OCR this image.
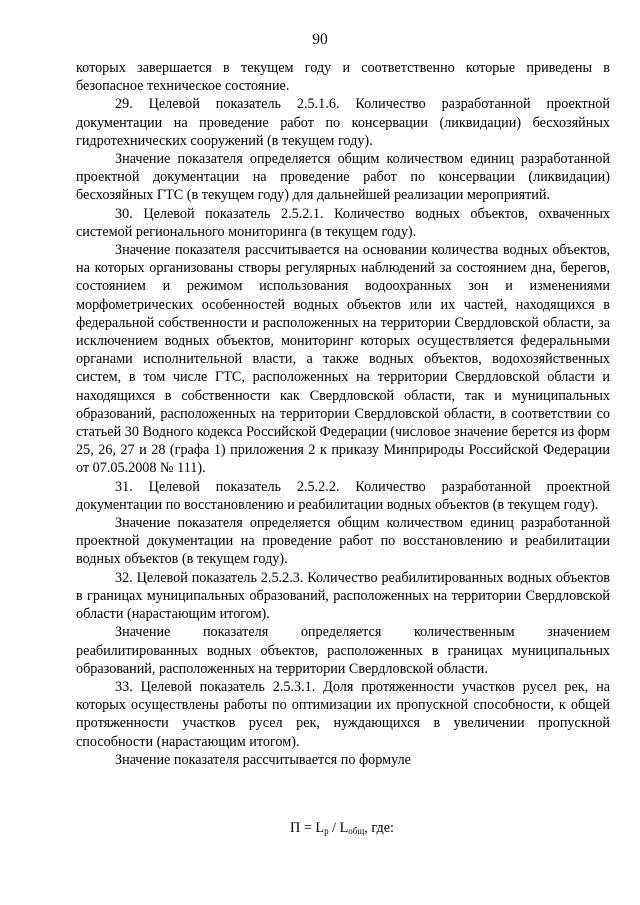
90

которых завершается в текущем году и соответственно которые приведены в безопасное техническое состояние.

29. Целевой показатель 2.5.1.6. Количество разработанной проектной документации на проведение работ по консервации (ликвидации) бесхозяйных гидротехнических сооружений (в текущем году).

Значение показателя определяется общим количеством единиц разработанной проектной документации на проведение работ по консервации (ликвидации) бесхозяйных ГТС (в текущем году) для дальнейшей реализации мероприятий.

30. Целевой показатель 2.5.2.1. Количество водных объектов, охваченных системой регионального мониторинга (в текущем году).

Значение показателя рассчитывается на основании количества водных объектов, на которых организованы створы регулярных наблюдений за состоянием дна, берегов, состоянием и режимом использования водоохранных зон и изменениями морфометрических особенностей водных объектов или их частей, находящихся в федеральной собственности и расположенных на территории Свердловской области, за исключением водных объектов, мониторинг которых осуществляется федеральными органами исполнительной власти, а также водных объектов, водохозяйственных систем, в том числе ГТС, расположенных на территории Свердловской области и находящихся в собственности как Свердловской области, так и муниципальных образований, расположенных на территории Свердловской области, в соответствии со статьей 30 Водного кодекса Российской Федерации (числовое значение берется из форм 25, 26, 27 и 28 (графа 1) приложения 2 к приказу Минприроды Российской Федерации от 07.05.2008 № 111).

31. Целевой показатель 2.5.2.2. Количество разработанной проектной документации по восстановлению и реабилитации водных объектов (в текущем году).

Значение показателя определяется общим количеством единиц разработанной проектной документации на проведение работ по восстановлению и реабилитации водных объектов (в текущем году).

32. Целевой показатель 2.5.2.3. Количество реабилитированных водных объектов в границах муниципальных образований, расположенных на территории Свердловской области (нарастающим итогом).

Значение показателя определяется количественным значением реабилитированных водных объектов, расположенных в границах муниципальных образований, расположенных на территории Свердловской области.

33. Целевой показатель 2.5.3.1. Доля протяженности участков русел рек, на которых осуществлены работы по оптимизации их пропускной способности, к общей протяженности участков русел рек, нуждающихся в увеличении пропускной способности (нарастающим итогом).

Значение показателя рассчитывается по формуле

$П = L_р / L_{общ}$, где:
